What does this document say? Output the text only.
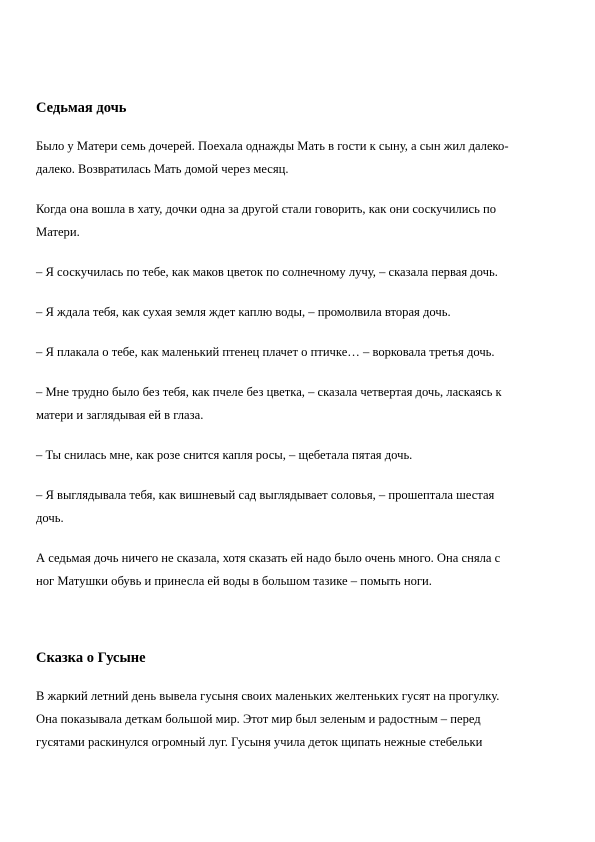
Седьмая дочь

Было у Матери семь дочерей. Поехала однажды Мать в гости к сыну, а сын жил далеко-
далеко. Возвратилась Мать домой через месяц.

Когда она вошла в хату, дочки одна за другой стали говорить, как они соскучились по
Матери.

– Я соскучилась по тебе, как маков цветок по солнечному лучу, – сказала первая дочь.

– Я ждала тебя, как сухая земля ждет каплю воды, – промолвила вторая дочь.

– Я плакала о тебе, как маленький птенец плачет о птичке… – ворковала третья дочь.

– Мне трудно было без тебя, как пчеле без цветка, – сказала четвертая дочь, ласкаясь к
матери и заглядывая ей в глаза.

– Ты снилась мне, как розе снится капля росы, – щебетала пятая дочь.

– Я выглядывала тебя, как вишневый сад выглядывает соловья, – прошептала шестая
дочь.

А седьмая дочь ничего не сказала, хотя сказать ей надо было очень много. Она сняла с
ног Матушки обувь и принесла ей воды в большом тазике – помыть ноги.

Сказка о Гусыне

В жаркий летний день вывела гусыня своих маленьких желтеньких гусят на прогулку.
Она показывала деткам большой мир. Этот мир был зеленым и радостным – перед
гусятами раскинулся огромный луг. Гусыня учила деток щипать нежные стебельки
